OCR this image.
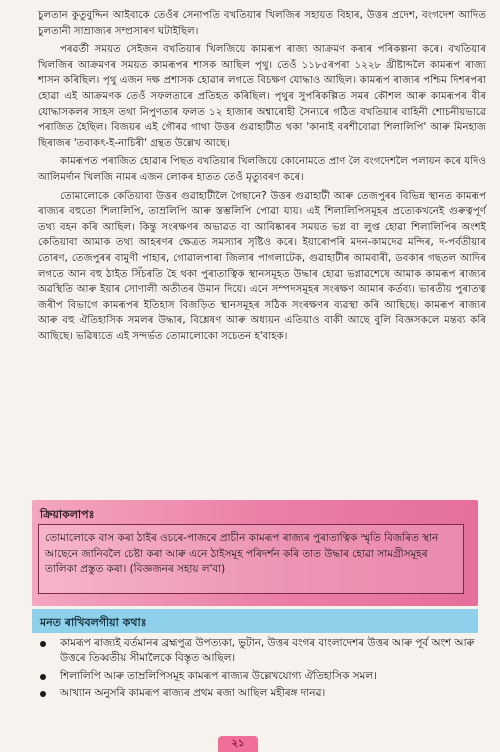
চুলতান কুতুবুদ্দিন আইবাকে তেওঁৰ সেনাপতি বখতিয়াৰ খিলজিৰ সহায়ত বিহাৰ, উত্তৰ প্ৰদেশ, বংগদেশ আদিত চুলতানী সাম্ৰাজ্যৰ সম্প্ৰসাৰণ ঘটাইছিল।

পৰৱৰ্তী সময়ত সেইজন বখতিয়াৰ খিলজিয়ে কামৰূপ ৰাজ্য আক্ৰমণ কৰাৰ পৰিকল্পনা কৰে। বখতিয়াৰ খিলজিৰ আক্ৰমণৰ সময়ত কামৰূপৰ শাসক আছিল পৃথু। তেওঁ ১১৮৫ৰপৰা ১২২৮ খ্ৰীষ্টাব্দলৈ কামৰূপ ৰাজ্য শাসন কৰিছিল। পৃথু এজন দক্ষ প্ৰশাসক হোৱাৰ লগতে বিচক্ষণ যোদ্ধাও আছিল। কামৰূপ ৰাজ্যৰ পশ্চিম দিশৰপৰা হোৱা এই আক্ৰমণক তেওঁ সফলতাৰে প্ৰতিহত কৰিছিল। পৃথুৰ সুপৰিকল্পিত সমৰ কৌশল আৰু কামৰূপৰ বীৰ যোদ্ধাসকলৰ সাহস তথা নিপুণতাৰ ফলত ১২ হাজাৰ অশ্বাৰোহী সৈন্যৰে গঠিত বখতিয়াৰ বাহিনী শোচনীয়ভাৱে পৰাজিত হৈছিল। বিজয়ৰ এই গৌৰৱ গাথা উত্তৰ গুৱাহাটীত থকা 'কানাই বৰশীবোৱা শিলালিপি' আৰু মিনহাজ ছিৰাজৰ 'তবাকৎ-ই-নাচিৰী' গ্ৰন্থত উল্লেখ আছে।

কামৰূপত পৰাজিত হোৱাৰ পিছত বখতিয়াৰ খিলজিয়ে কোনোমতে প্ৰাণ লৈ বংগদেশলৈ পলায়ন কৰে যদিও আলিমৰ্দান খিলজি নামৰ এজন লোকৰ হাতত তেওঁ মৃত্যুবৰণ কৰে।

তোমালোকে কেতিয়াবা উত্তৰ গুৱাহাটীলৈ গৈছানে? উত্তৰ গুৱাহাটী আৰু তেজপুৰৰ বিভিন্ন স্থানত কামৰূপ ৰাজ্যৰ বহুতো শিলালিপি, তাম্ৰলিপি আৰু স্তম্ভলিপি পোৱা যায়। এই শিলালিপিসমূহৰ প্ৰত্যেকখনেই গুৰুত্বপূৰ্ণ তথ্য বহন কৰি আছিল। কিন্তু সংৰক্ষণৰ অভাৱত বা আবিষ্কাৰৰ সময়ত ভগ্ন বা লুপ্ত হোৱা শিলালিপিৰ অংশই কেতিয়াবা আমাক তথ্য আহৰণৰ ক্ষেত্ৰত সমস্যাৰ সৃষ্টিও কৰে। ইয়াৰোপৰি মদন-কামদেৱ মন্দিৰ, দ-পৰ্বতীয়াৰ তোৰণ, তেজপুৰৰ বামুণী পাহাৰ, গোৱালপাৰা জিলাৰ পাগলাটেক, গুৱাহাটীৰ আমবাৰী, ডবকাৰ গছতল আদিৰ লগতে আন বহু ঠাইত সিঁচৰতি হৈ থকা পুৰাতাত্বিক স্থানসমূহত উদ্ধাৰ হোৱা ভগ্নাৱশেষে আমাক কামৰূপ ৰাজ্যৰ অৱস্থিতি আৰু ইয়াৰ সোণালী অতীতৰ উমান দিয়ে। এনে সম্পদসমূহৰ সংৰক্ষণ আমাৰ কৰ্তব্য। ভাৰতীয় পুৰাতত্ব জৰীপ বিভাগে কামৰূপৰ ইতিহাস বিজড়িত স্থানসমূহৰ সঠিক সংৰক্ষণৰ ব্যৱস্থা কৰি আছিছে। কামৰূপ ৰাজ্যৰ আৰু বহু ঐতিহাসিক সমলৰ উদ্ধাৰ, বিশ্লেষণ আৰু অধ্যয়ন এতিয়াও বাকী আছে বুলি বিজ্ঞসকলে মন্তব্য কৰি আছিছে। ভৱিষ্যতে এই সন্দৰ্ভত তোমালোকো সচেতন হ'বাহক।

ক্ৰিয়াকলাপঃ
তোমালোকে বাস কৰা ঠাইৰ ওচৰে-পাজৰে প্ৰাচীন কামৰূপ ৰাজ্যৰ পুৰাতাত্বিক স্মৃতি বিজৰিত স্থান আছেনে জানিবলৈ চেষ্টা কৰা আৰু এনে ঠাইসমূহ পৰিদৰ্শন কৰি তাত উদ্ধাৰ হোৱা সামগ্ৰীসমূহৰ তালিকা প্ৰস্তুত কৰা। (বিজ্ঞজনৰ সহায় ল'বা)
মনত ৰাখিবলগীয়া কথাঃ
কামৰূপ ৰাজ্যই বৰ্তমানৰ ব্ৰহ্মপুত্ৰ উপত্যকা, ভুটান, উত্তৰ বংগৰ বাংলাদেশৰ উত্তৰ আৰু পূৰ্ব অংশ আৰু উত্তৰে তিব্বতীয় সীমালৈকে বিস্তৃত আছিল।
শিলালিপি আৰু তাম্ৰলিপিসমূহ কামৰূপ ৰাজ্যৰ উল্লেখযোগ্য ঐতিহাসিক সমল।
আখ্যান অনুসৰি কামৰূপ ৰাজ্যৰ প্ৰথম ৰজা আছিল মহীৰঙ্গ দানৱ।
২১
